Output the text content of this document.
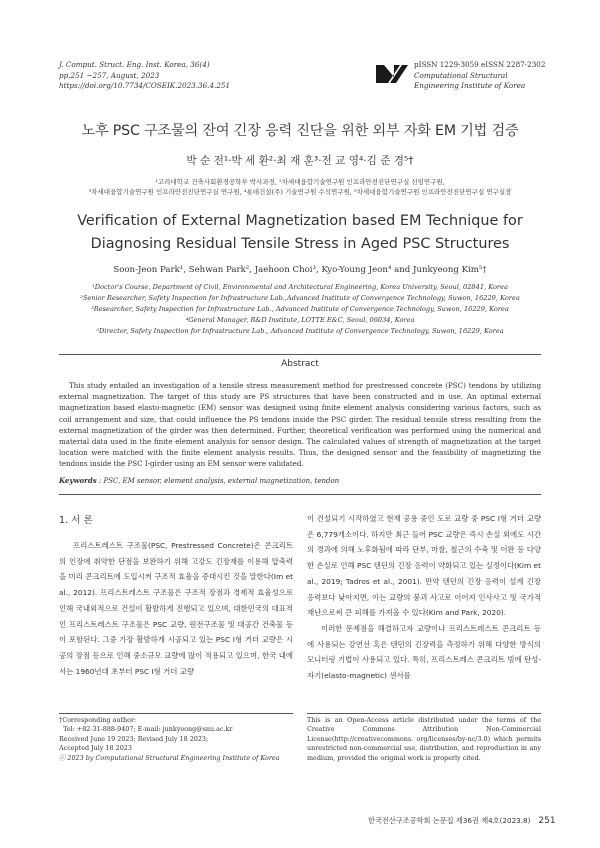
J. Comput. Struct. Eng. Inst. Korea, 36(4)
pp.251 ~257, August, 2023
https://doi.org/10.7734/COSEIK.2023.36.4.251
pISSN 1229-3059 eISSN 2287-2302
Computational Structural
Engineering Institute of Korea
노후 PSC 구조물의 잔여 긴장 응력 진단을 위한 외부 자화 EM 기법 검증
박 순 전¹·박 세 환²·최 재 훈³·전 교 영⁴·김 준 경⁵†
¹고려대학교 건축사회환경공학부 박사과정, ²차세대융합기술연구원 인프라안전진단연구실 선임연구원,
³차세대융합기술연구원 인프라안전진단연구실 연구원, ⁴롯데건설(주) 기술연구원 수석연구원, ⁵차세대융합기술연구원 인프라안전진단연구실 연구실장
Verification of External Magnetization based EM Technique for
Diagnosing Residual Tensile Stress in Aged PSC Structures
Soon-Jeon Park¹, Sehwan Park², Jaehoon Choi³, Kyo-Young Jeon⁴ and Junkyeong Kim⁵†
¹Doctor's Course, Department of Civil, Environmental and Architectural Engineering, Korea University, Seoul, 02841, Korea
²Senior Researcher, Safety Inspection for Infrastructure Lab.,Advanced Institute of Convergence Technology, Suwon, 16229, Korea
³Researcher, Safety Inspection for Infrastructure Lab., Advanced Institute of Convergence Technology, Suwon, 16229, Korea
⁴General Manager, R&D Institute, LOTTE E&C, Seoul, 06034, Korea
⁵Director, Safety Inspection for Infrastructure Lab., Advanced Institute of Convergence Technology, Suwon, 16229, Korea
Abstract
This study entailed an investigation of a tensile stress measurement method for prestressed concrete (PSC) tendons by utilizing external magnetization. The target of this study are PS structures that have been constructed and in use. An optimal external magnetization based elasto-magnetic (EM) sensor was designed using finite element analysis considering various factors, such as coil arrangement and size, that could influence the PS tendons inside the PSC girder. The residual tensile stress resulting from the external magnetization of the girder was then determined. Further, theoretical verification was performed using the numerical and material data used in the finite element analysis for sensor design. The calculated values of strength of magnetization at the target location were matched with the finite element analysis results. Thus, the designed sensor and the feasibility of magnetizing the tendons inside the PSC I-girder using an EM sensor were validated.
Keywords : PSC, EM sensor, element analysis, external magnetization, tendon
1. 서 론
프리스트레스트 구조물(PSC, Prestressed Concrete)은 콘크리트의 인장에 취약한 단점을 보완하기 위해 고강도 긴장재를 이용해 압축력을 미리 콘크리트에 도입시켜 구조적 효율을 증대시킨 것을 말한다(Im et al., 2012). 프리스트레스트 구조물은 구조적 장점과 경제적 효율성으로 인해 국내외적으로 건설이 활발하게 진행되고 있으며, 대한민국의 대표적인 프리스트레스트 구조물은 PSC 교량, 원전구조물 및 대공간 건축물 등이 포함된다. 그중 가장 활발하게 시공되고 있는 PSC I형 거더 교량은 시공의 장점 등으로 인해 중소규모 교량에 많이 적용되고 있으며, 한국 내에서는 1960년대 초부터 PSC I형 거더 교량
이 건설되기 시작하였고 현재 공용 중인 도로 교량 중 PSC I형 거더 교량은 6,779개소이다. 하지만 최근 들어 PSC 교량은 즉시 손실 외에도 시간의 경과에 의해 노후화됨에 따라 단부, 마찰, 철근의 수축 및 이완 등 다양한 손실로 인해 PSC 텐던의 긴장 응력이 약화되고 있는 실정이다(Kim et al., 2019; Tadros et al., 2001). 만약 텐던의 긴장 응력이 설계 긴장 응력보다 낮아지면, 이는 교량의 붕괴 사고로 이어져 인사사고 및 국가적 재난으로써 큰 피해를 가져올 수 있다(Kim and Park, 2020).
이러한 문제점을 해결하고자 교량이나 프리스트레스트 콘크리트 등에 사용되는 강연선 혹은 텐던의 긴장력을 측정하기 위해 다양한 방식의 모니터링 기법이 사용되고 있다. 특히, 프리스트레스 콘크리트 빔에 탄성-자기(elasto-magnetic) 센서를
†Corresponding author:
Tel: +82-31-888-9407; E-mail: junkyeong@snu.ac.kr
Received June 19 2023; Revised July 18 2023;
Accepted July 18 2023
ⓒ 2023 by Computational Structural Engineering Institute of Korea
This is an Open-Access article distributed under the terms of the Creative Commons Attribution Non-Commercial License(http://creativecommons. org/licenses/by-nc/3.0) which permits unrestricted non-commercial use, distribution, and reproduction in any medium, provided the original work is properly cited.
한국전산구조공학회 논문집 제36권 제4호(2023.8) 251
